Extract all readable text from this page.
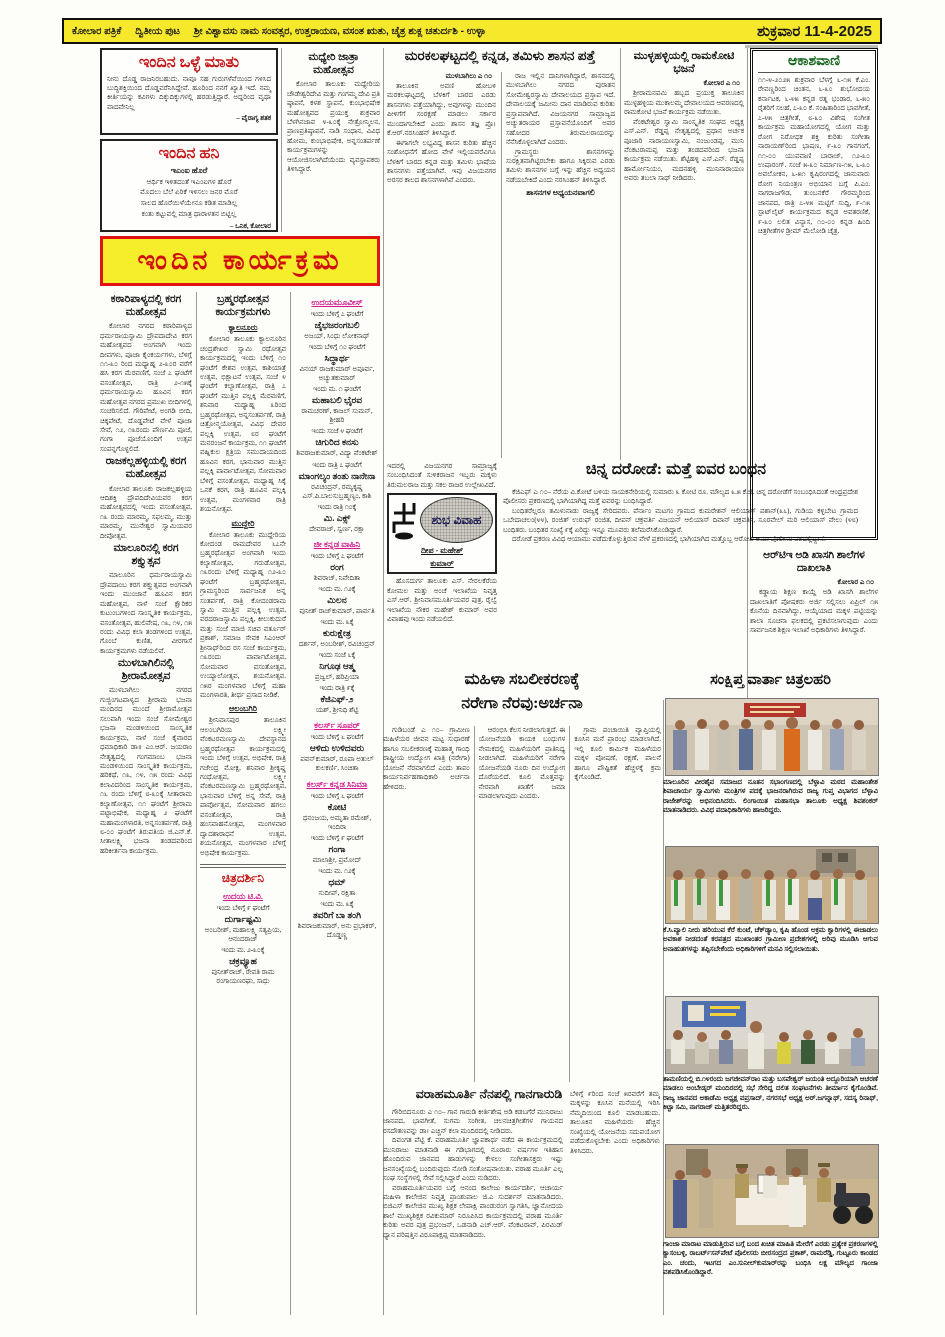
ಕೋಲಾರ ಪತ್ರಿಕೆ ದ್ವಿತೀಯ ಪುಟ ಶ್ರೀ ವಿಶ್ವಾವಸು ನಾಮ ಸಂವತ್ಸರ, ಉತ್ತರಾಯಣ, ವಸಂತ ಋತು, ಚೈತ್ರ ಶುಕ್ಲ ಚತುರ್ದಶಿ - ಉಳ್ಳಾ	ಶುಕ್ರವಾರ 11-4-2025
ಇಂದಿನ ಒಳ್ಳೆ ಮಾತು

ನೀನು ದೊಡ್ಡ ರಾಜನಿರಬಹುದು. ನಾವೂ ಸಹ ಗುರುಗಳೆವೆಯಿಂದ ಗಳಿಸಿದ ಬುದ್ಧಿಶಕ್ತಿಯಿಂದ ದೊಡ್ಡವರೆನಿಸಿದ್ದೇವೆ. ಹೂರಿಂದ ನನಗೆ ಖ್ಯಾತಿ ಇದೆ. ನಮ್ಮ ಕೀರ್ತಿಯನ್ನು ಕವಿಗಳು ದಿಕ್ಕುದಿಕ್ಕುಗಳಲ್ಲಿ ಹರಡುತ್ತಿದ್ದಾರೆ. ಅದ್ದರಿಂದ ವೃಥಾ ವಾದವೇನಿಲ್ಲ

– ವೈರಾಗ್ಯ ಶತಕ
ಇಂದಿನ ಹನಿ
ಇಎಂಐ ಹೊರೆ

ಆರ್ಥಿಕ ಇಳಿತದಂತೆ ಇಎಂಐಗಳ ಹೊರೆ

ಮೊದಲು ಬೆಲೆ ಏರಿಕೆ ಇಳಿಸಲು ಜನರ ಮೊರೆ

ಸಾಲದ ಹೊರೆಯಿಳೆಯೇನೂ ಕಡಿತ ಮಾಡಿಲ್ಲ

ಕಂತು ಕಟ್ಟುವಲ್ಲಿ ಮಾತ್ರ ಧಾರಾಳತನ ಬಿಟ್ಟಿಲ್ಲ

– ಒನಿಕ, ಕೋಲಾರ
ಮಧ್ಯೇರಿ ಜಾತ್ರಾ ಮಹೋತ್ಸವ

ಕೋಲಾರ ತಾಲೂಕು ಮಧ್ಯೇರಿಯ ಚೌಡೇಶ್ವರಿದೇವಿ ಮತ್ತು ಗಂಗಮ್ಮ ದೇವಿ ಪ್ರತಿ ಷ್ಠಾಪನೆ, ಕಳಶ ಸ್ಥಾಪನೆ, ಕುಂಭಾಭಿಷೇಕ ಮಹೋತ್ಸವದ ಪ್ರಯುಕ್ತ ಶುಕ್ರವಾರ ಬೆಳಗಿನಜಾವ ೪-೩೦ಕ್ಕೆ ನೇತ್ರೋನ್ಮಿಲನ, ಪ್ರಾಣಪ್ರತಿಷ್ಠಾಪನೆ, ನಾಡಿ ಸಂಧಾನ, ವಿವಿಧ ಹೋಮ, ಕುಂಭಾಭಿಷೇಕ, ಅನ್ನಸಂತರ್ಪಣೆ ಕಾರ್ಯಕ್ರಮಗಳನ್ನು ಆಯೋಜಿಸಲಾಗಿದೆಯೆಂದು ವ್ಯವಸ್ಥಾಪಕರು ತಿಳಿಸಿದ್ದಾರೆ.

ಇಂದಿನ ಕಾರ್ಯಕ್ರಮ
ಕಠಾರಿಪಾಳ್ಯದಲ್ಲಿ ಕರಗ ಮಹೋತ್ಸವ

ಕೋಲಾರ ನಗರದ ಕಠಾರಿಪಾಳ್ಯದ ಧರ್ಮರಾಯಸ್ವಾಮಿ ದ್ರೌಪದಾದೇವಿ ಕರಗ ಮಹೋತ್ಸವದ ಅಂಗವಾಗಿ ಇಂದು ದೀಪಗಳು, ಪೂಜಾ ಕೈಂಕರ್ಯಗಳು, ಬೆಳಿಗ್ಗೆ ೧೧-೩೦ ರಿಂದ ಮಧ್ಯಾಹ್ನ ೨-೩೦ರ ವರೆಗೆ ಹಸಿ ಕರಗ ಮೆರವಣಿಗೆ, ಸಂಜೆ ೭ ಘಂಟೆಗೆ ವಸಂತೋತ್ಸವ, ರಾತ್ರಿ ೨-೧೫ಕ್ಕೆ ಧರ್ಮರಾಯಸ್ವಾಮಿ ಹೂವಿನ ಕರಗ ಮಹೋತ್ಸವ ನಗರದ ಪ್ರಮುಖ ಬೀದಿಗಳಲ್ಲಿ ಸಂಚರಿಸಲಿದೆ. ಗೌರಿಪೇಟೆ, ಅಂಗಡಿ ಬೀದಿ, ಚಿಕ್ಕಪೇಟೆ, ದೊಡ್ಡಪೇಟೆ ವೇಳೆ ಪೂಜಾ ಸೇವೆ, ೧೨, ೧೩ರಂದು ಪೌರ್ಣಮಿ ಪೂಜೆ, ಗಂಗಾ ಪೂಜೆಯೊಂದಿಗೆ ಉತ್ಸವ ಸಂಪನ್ನಗೊಳ್ಳಲಿದೆ.

ರಾಜಕಲ್ಲಹಳ್ಳಿಯಲ್ಲಿ ಕರಗ ಮಹೋತ್ಸವ

ಕೋಲಾರ ತಾಲೂಕು ರಾಜಕಲ್ಲಹಳ್ಳಿಯ ಆದಿಶಕ್ತಿ ದ್ರೌಪದಿದೇವಿಯವರ ಕರಗ ಮಹೋತ್ಸವದಲ್ಲಿ ಇಂದು ವಸಂತೋತ್ಸವ, ೧೩ ರಂದು ಮಾರಮ್ಮ, ಸಫಲಮ್ಮ, ಮುತ್ತು ಮಾರಮ್ಮ, ಮುನೇಶ್ವರ ಸ್ವಾಮಿಯವರ ದೀಪೋತ್ಸವ.

ಮಾಲೂರಿನಲ್ಲಿ ಕರಗ ಶಕ್ತ್ಯುತ್ಸವ

ಮಾಲೂರಿನ ಧರ್ಮರಾಯಸ್ವಾಮಿ ದ್ರೌಪದಾಂಬ ಕರಗ ಶಕ್ತ್ಯುತ್ಸವದ ಅಂಗವಾಗಿ ಇಂದು ಮುಂಜಾನೆ ಹೂವಿನ ಕರಗ ಮಹೋತ್ಸವ, ನಾಳೆ ಸಂಜೆ ಕ್ಷೌರಿಕರ ಕುಟುಂಬಗಳಿಂದ ಸಾಂಸ್ಕೃತಿಕ ಕಾರ್ಯಕ್ರಮ, ವಸಂತೋತ್ಸವ, ಹುಲಿವೇಷ, ೧೩, ೧೪, ೧೫ ರಂದು ವಿವಿಧ ಕಲಾ ತಂಡಗಳಿಂದ ಉತ್ಸವ, ಗೊಂಬೆ ಕುಣಿತ, ವೀರಗಾಸೆ ಕಾರ್ಯಕ್ರಮಗಳು ನಡೆಯಲಿವೆ.

ಮುಳಬಾಗಿಲಿನಲ್ಲಿ ಶ್ರೀರಾಮೋತ್ಸವ

ಮುಳಬಾಗಿಲು ನಗರದ ಗುಜ್ಜಿಂಗಟಪಾಳ್ಯದ ಶ್ರೀರಾಮ ಭಜನಾ ಮಂದಿರದ ಮುಂದೆ ಶ್ರೀರಾಮೋತ್ಸವ ಸಲುವಾಗಿ ಇಂದು ಸಂಜೆ ಸೋಮೇಶ್ವರ ಭಜನಾ ಮಂಡಳಿಯಿಂದ ಸಾಂಸ್ಕೃತಿಕ ಕಾರ್ಯಕ್ರಮ, ನಾಳೆ ಸಂಜೆ ಕೈವಾರದ ಧಮಾಧಿಕಾರಿ ಡಾ॥ ಎಂ.ಆರ್. ಜಯರಾಂ ನೇತೃತ್ವದಲ್ಲಿ ಗಂಗಮಾಂಬ ಭಜನಾ ಮಂಡಳಿಯಿಂದ ಸಾಂಸ್ಕೃತಿಕ ಕಾರ್ಯಕ್ರಮ, ಹರಿಕಥೆ, ೧೩, ೧೪, ೧೫ ರಂದು ವಿವಿಧ ಕಲಾವಿದರಿಂದ ಸಾಂಸ್ಕೃತಿಕ ಕಾರ್ಯಕ್ರಮ, ೧೬ ರಂದು ಬೆಳಿಗ್ಗೆ ೮-೩೦ಕ್ಕೆ ಸೀತಾರಾಮ ಕಲ್ಯಾಣೋತ್ಸವ, ೧೧ ಘಂಟೆಗೆ ಶ್ರೀರಾಮ ಪಟ್ಟಾಭಿಷೇಕ, ಮಧ್ಯಾಹ್ನ ೨ ಘಂಟೆಗೆ ಮಹಾಮಂಗಳಾರತಿ, ಅನ್ನಸಂತರ್ಪಣೆ, ರಾತ್ರಿ ೮-೦೦ ಘಂಟೆಗೆ ತಿರುಪತಿಯ ಜಿ.ಎನ್.ಕೆ. ಸೀತಾಲಕ್ಷ್ಮಿ ಭಜನಾ ತಂಡದವರಿಂದ ಹರಿಕೀರ್ತನಾ ಕಾರ್ಯಕ್ರಮ.

ಬ್ರಹ್ಮರಥೋತ್ಸವ ಕಾರ್ಯಕ್ರಮಗಳು
ಕ್ಯಾಲನೂರು

ಕೋಲಾರ ತಾಲೂಕು ಕ್ಯಾಲನೂರಿನ ಚಂದ್ರಶೇಖರ ಸ್ವಾಮಿ ರಥೋತ್ಸವ ಕಾರ್ಯಕ್ರಮದಲ್ಲಿ ಇಂದು ಬೆಳಿಗ್ಗೆ ೧೦ ಘಂಟೆಗೆ ಕೇಶವ ಉತ್ಸವ, ಕಾಶಿಯಾತ್ರೆ ಉತ್ಸವ, ಭಿಕ್ಷಾಟನೆ ಉತ್ಸವ, ಸಂಜೆ ೪ ಘಂಟೆಗೆ ಕಲ್ಯಾಣೋತ್ಸವ, ರಾತ್ರಿ ೭ ಘಂಟೆಗೆ ಮುತ್ತಿನ ಪಲ್ಲಕ್ಕಿ ಮೆರವಣಿಗೆ, ಶನಿವಾರ ಮಧ್ಯಾಹ್ನ ೩ರಿಂದ ಬ್ರಹ್ಮರಥೋತ್ಸವ, ಅನ್ನಸಂತರ್ಪಣೆ, ರಾತ್ರಿ ಚಿತ್ರೋನ್ಮಯೋತ್ಸವ, ವಿವಿಧ ದೇವರ ಪಲ್ಲಕ್ಕಿ ಉತ್ಸವ, ೮ರ ಘಂಟೆಗೆ ಮನರಂಜನೆ ಕಾರ್ಯಕ್ರಮ, ೧೧ ಘಂಟೆಗೆ ವಹ್ನಿಕುಲ ಕ್ಷತ್ರಿಯ ಸಮುದಾಯದಿಂದ ಹೂವಿನ ಕರಗ, ಭಾನುವಾರ ಮುತ್ತಿನ ಪಲ್ಲಕ್ಕಿ ಪಾರ್ವಾಟೋತ್ಸವ, ಸೋಮವಾರ ಬೆಳಿಗ್ಗೆ ವಸಂತೋತ್ಸವ, ಮಧ್ಯಾಹ್ನ ಸಿಕ್ಕೆ ಒನಕೆ ಕರಗ, ರಾತ್ರಿ ಹೂವಿನ ಪಲ್ಲಕ್ಕಿ ಉತ್ಸವ, ಮಂಗಳವಾರ ರಾತ್ರಿ ಶಯನೋತ್ಸವ.

ಮುದ್ದೇರಿ

ಕೋಲಾರ ತಾಲೂಕು ಮುದ್ದೇರಿಯ ಕೋದಂಡ ರಾಮದೇವರ ೬೭ನೇ ಬ್ರಹ್ಮರಥೋತ್ಸವ ಅಂಗವಾಗಿ ಇಂದು ಕಲ್ಯಾಣೋತ್ಸವ, ಗರುಡೋತ್ಸವ, ೧೩ರಂದು ಬೆಳಿಗ್ಗೆ ಮಧ್ಯಾಹ್ನ ೧೨-೩೦ ಘಂಟೆಗೆ ಬ್ರಹ್ಮರಥೋತ್ಸವ, ಗ್ರಾಮಸ್ಥರಿಂದ ಸಾರ್ವಜನಿಕ ಅನ್ನ ಸಂತರ್ಪಣೆ, ರಾತ್ರಿ ಕೋದಂಡರಾಮ ಸ್ವಾಮಿ ಮುತ್ತಿನ ಪಲ್ಲಕ್ಕಿ ಉತ್ಸವ, ವರದರಾಜಸ್ವಾಮಿ ಪಲ್ಲಕ್ಕಿ, ಕೀಲುಕುದುರೆ ಮತ್ತು ಸಂಜೆ ಮಾಜಿ ಸಚಿವ ವರ್ತೂರ್ ಪ್ರಕಾಶ್, ಸಮಾಜ ಸೇವಕ ಸಿಎಂಆರ್ ಶ್ರೀನಾಥ್‌ರಿಂದ ರಸ ಸಂಜೆ ಕಾರ್ಯಕ್ರಮ, ೧೩ರಂದು ಪಾರ್ವಾಟೋತ್ಸವ, ಸೋಮವಾರ ವಸಂತೋತ್ಸವ, ಉಯ್ಯಾಲೋತ್ಸವ, ಶಯನೋತ್ಸವ. ೧೫ರ ಮಂಗಳವಾರ ಬೆಳಿಗ್ಗೆ ಮಹಾ ಮಂಗಳಾರತಿ, ತೀರ್ಥ ಪ್ರಸಾದ ನೀಡಿಕೆ.

ಆಲಂಬಗಿರಿ

ಶ್ರೀನಿವಾಸಪುರ ತಾಲೂಕಿನ ಆಲಂಬಗಿರಿಯ ಲಕ್ಷ್ಮೀ ವೆಂಕಟರಮಣಸ್ವಾಮಿ ದೇವಸ್ಥಾನದ ಬ್ರಹ್ಮರಥೋತ್ಸವ ಕಾರ್ಯಕ್ರಮದಲ್ಲಿ ಇಂದು ಬೆಳಿಗ್ಗೆ ಉತ್ಸವ, ಅಭಿಷೇಕ, ರಾತ್ರಿ ಗಜೇಂದ್ರ ಮೋಕ್ಷ, ಶನಿವಾರ ಶ್ರೀಕೃಷ್ಣ ಗಂಧೋತ್ಸವ, ಲಕ್ಷ್ಮೀ ವೆಂಕಟರಮಣಸ್ವಾಮಿ ಬ್ರಹ್ಮರಥೋತ್ಸವ, ಭಾನುವಾರ ಬೆಳಿಗ್ಗೆ ಅನ್ನ ಸೇವೆ, ರಾತ್ರಿ ಪಾರ್ವೋತ್ಸವ, ಸೋಮವಾರ ಹಗಲು ವಸಂತೋತ್ಸವ, ರಾತ್ರಿ ಹಂಸವಾಹನೋತ್ಸವ, ಮಂಗಳವಾರ ದ್ವಾದಶಾರಾಧನೆ ಉತ್ಸವ, ಶಯನೋತ್ಸವ, ಮಂಗಳವಾರ ಬೆಳಿಗ್ಗೆ ಅಭಿಷೇಕ ಕಾರ್ಯಕ್ರಮ.

ಚಿತ್ರದರ್ಶಿನಿ
ಉದಯ ಟಿ.ವಿ.

ಇಂದು ಬೆಳಿಗ್ಗೆ ೯ ಘಂಟೆಗೆ

ದುರ್ಗಾಷ್ಟಮಿ

ಅಂಬರೀಶ್, ಮಹಾಲಕ್ಷ್ಮಿ ಸತ್ಯಪ್ರಿಯ, ಆನಂದರಾಜ್

ಇಂದು ಮ. ೨-೩೦ಕ್ಕೆ

ಚಕ್ರವ್ಯೂಹ

ಪುನೀತ್‌ರಾಜ್, ರೇವತಿ ರಾಮ ರಂಗಾಯಣರಘು, ಸಾಧು

ಉದಯಮೂವೀಸ್

ಇಂದು ಬೆಳಿಗ್ಗೆ ೭ ಘಂಟೆಗೆ

ಜೈಭಜರಂಗಬಲಿ

ಅಜಯ್, ಸಿಂಧು ಲೋಕನಾಥ್

ಇಂದು ಬೆಳಿಗ್ಗೆ ೧೦ ಘಂಟೆಗೆ

ಸಿದ್ಧಾರ್ಥ

ವಿನಯ್ ರಾಜಕುಮಾರ್ ಅಪೂರ್ವ, ಅಚ್ಯುತಕುಮಾರ್

ಇಂದು ಮ. ೧ ಘಂಟೆಗೆ

ಮಹಾಬಲಿ ಭೈರವ

ರಾಮಚರಣ್, ಕಾಜಲ್ ಸುಮನ್, ಶ್ರೀಹರಿ

ಇಂದು ಸಂಜೆ ೪ ಘಂಟೆಗೆ

ಚಿಗುರಿದ ಕನಸು

ಶಿವರಾಜಕುಮಾರ್, ವಿದ್ಯಾ ವೆಂಕಟೇಶ್

ಇಂದು ರಾತ್ರಿ ೭ ಘಂಟೆಗೆ

ಮಾಂಗಲ್ಯಂ ತಂತು ನಾನೇನಾ

ರವಿಚಂದ್ರನ್, ರಮ್ಯಕೃಷ್ಣ ಎಸ್.ಪಿ.ಬಾಲಸುಬ್ರಹ್ಮಣ್ಯಂ, ಕಾಶಿ

ಇಂದು ರಾತ್ರಿ ೧೦ಕ್ಕೆ

ಮಿ. ಎಕ್ಸ್

ದೇವರಾಜ್, ಸ್ವರ್ಣ, ರಕ್ಷಾ

ಜೀ ಕನ್ನಡ ವಾಹಿನಿ

ಇಂದು ಬೆಳಿಗ್ಗೆ ೭ ಘಂಟೆಗೆ

ರಂಗ

ಶಿವರಾಜ್, ನಿವೇದಿತಾ

ಇಂದು ಮ. ೧೨ಕ್ಕೆ

ಮಿಲನ

ಪುನೀತ್ ರಾಜ್‌ಕುಮಾರ್, ಪಾರ್ವತಿ

ಇಂದು ಮ. ೩ಕ್ಕೆ

ಕುರುಕ್ಷೇತ್ರ

ದರ್ಶನ್, ಅಂಬರೀಶ್, ರವಿಚಂದ್ರನ್

ಇಂದು ಸಂಜೆ ೬ಕ್ಕೆ

ನಿಗೂಢ ಆತ್ಮ

ಪ್ರಜ್ವಲ್, ಹರಿಪ್ರಿಯಾ

ಇಂದು ರಾತ್ರಿ ೯ಕ್ಕೆ

ಕೆಜಿಎಫ್-೨

ಯಶ್, ಶ್ರೀನಿಧಿ ಶೆಟ್ಟಿ

ಕಲರ್ಸ್ ಸೂಪರ್

ಇಂದು ಬೆಳಿಗ್ಗೆ ೬ ಘಂಟೆಗೆ

ಆಳಿದು ಉಳಿದವರು

ಪವನ್‌ಕುಮಾರ್, ರೂಪಾ ಅತುಲ್ ಕುಲಕರ್ಣಿ, ಸಿಂಚಿತಾ

ಕಲರ್ಸ್ ಕನ್ನಡ ಸಿನಿಮಾ

ಇಂದು ಬೆಳಿಗ್ಗೆ ೬ ಘಂಟೆಗೆ

ಕೋಟಿ

ಧನಂಜಯ, ಅಮೃತಾ ರಮೇಶ್, ಇಂದಿರಾ

ಇಂದು ಬೆಳಿಗ್ಗೆ ೯ ಘಂಟೆಗೆ

ಗಂಗಾ

ಮಾಲಾಶ್ರೀ, ಪ್ರಮೋದ್

ಇಂದು ಮ. ೧೨ಕ್ಕೆ

ಧಮ್

ಸುದೀಪ್, ರಕ್ಷಿತಾ

ಇಂದು ಮ. ೩ಕ್ಕೆ

ತವರಿಗೆ ಬಾ ತಂಗಿ

ಶಿವರಾಜಕುಮಾರ್, ಅನು ಪ್ರಭಾಕರ್, ದೊಡ್ಡಣ್ಣ

ಮರಕಲಘಟ್ಟದಲ್ಲಿ ಕನ್ನಡ, ತಮಿಳು ಶಾಸನ ಪತ್ತೆ
ಮುಳಬಾಗಿಲು ಎ ೧೦

ತಾಲೂಕಿನ ಅವಣಿ ಹೋಬಳಿ ಮರಕಲಘಟ್ಟದಲ್ಲಿ ಬೆಳಕಿಗೆ ಬಾರದ ಎರಡು ಶಾಸನಗಳು ಪತ್ತೆಯಾಗಿದ್ದು, ಅವುಗಳನ್ನು ಮುಂದಿನ ಪೀಳಿಗೆಗೆ ಸಂರಕ್ಷಣೆ ಮಾಡಲು ಸರ್ಕಾರ ಮುಂದಾಗಬೇಕಿದೆ ಎಂದು ಶಾಸನ ತಜ್ಞ ಪ್ರೊ। ಕೆ.ಆರ್.ನರಸಿಂಹನ್ ತಿಳಿಸಿದ್ದಾರೆ.

ಈಗಾಗಲೇ ಲಭ್ಯವಿದ್ದ ಶಾಸನ ಕುರಿತು ಹೆಚ್ಚಿನ ಸಂಶೋಧನೆಗೆ ಹೋದ ವೇಳೆ ಇಲ್ಲಿಯವರೆವಿಗೂ ಬೆಳಕಿಗೆ ಬಾರದ ಕನ್ನಡ ಮತ್ತು ತಮಿಳು ಭಾಷೆಯ ಶಾಸನಗಳು ಪತ್ತೆಯಾಗಿವೆ. ಇವು ವಿಜಯನಗರ ಅರಸರ ಕಾಲದ ಶಾಸನಗಳಾಗಿವೆ ಎಂದರು.

ರಾಜ ಇಲ್ಲಿನ ದಾನಿಗಳಾಗಿದ್ದಾರೆ, ಶಾಸನದಲ್ಲಿ ಮುಳಬಾಗಿಲು ನಗರದ ಪುರಾತನ ಸೋಮೇಶ್ವರಸ್ವಾಮಿ ದೇವಾಲಯದ ಪ್ರಸ್ತಾಪ ಇದೆ. ದೇವಾಲಯಕ್ಕೆ ಜಮೀನು ದಾನ ಮಾಡಿರುವ ಕುರಿತು ಪ್ರಸ್ತಾಪವಾಗಿದೆ. ವಿಜಯನಗರ ಸಾಮ್ರಾಜ್ಯದ ಅಚ್ಯುತರಾಯರ ಪ್ರಸ್ತಾವನೆಯೊಂದಿಗೆ ಅವರ ಸಹೋದರ ತಿರುಮಲರಾಯರನ್ನು ನೆನೆಸಿಕೊಳ್ಳಲಾಗಿದೆ ಎಂದರು.

ಗ್ರಾಮಸ್ಥರು ಶಾಸನಗಳನ್ನು ಸುರಕ್ಷಿತವಾಗಿಟ್ಟಿರಬೇಕು ಹಾಗೂ ಸಿಕ್ಕಿರುವ ಎರಡು ತಮಿಳು ಶಾಸನಗಳ ಬಗ್ಗೆ ಇನ್ನು ಹೆಚ್ಚಿನ ಅಧ್ಯಯನ ನಡೆಯಬೇಕಿದೆ ಎಂದು ನರಸಿಂಹನ್ ತಿಳಿಸಿದ್ದಾರೆ.

ಶಾಸನಗಳ ಅಧ್ಯಯನವಾಗಲಿ
ಮುಳ್ಳಹಳ್ಳಿಯಲ್ಲಿ ರಾಮಕೋಟಿ ಭಜನೆ
ಕೋಲಾರ ಎ ೧೦

ಶ್ರೀರಾಮನವಮಿ ಹಬ್ಬದ ಪ್ರಯುಕ್ತ ತಾಲೂಕಿನ ಮುಳ್ಳಹಳ್ಳಿಯ ಮುಕಾಲಮ್ಮ ದೇವಾಲಯದ ಆವರಣದಲ್ಲಿ ರಾಮಕೋಟಿ ಭಜನೆ ಕಾರ್ಯಕ್ರಮ ನಡೆಯಿತು.

ವೆಂಕಟೇಶ್ವರ ಸ್ವಾಮಿ ಸಾಂಸ್ಕೃತಿಕ ಸಂಘದ ಅಧ್ಯಕ್ಷ ಎಸ್.ಎನ್. ರೆಡ್ಡಪ್ಪ ನೇತೃತ್ವದಲ್ಲಿ ಪ್ರಧಾನ ಅರ್ಚಕ ಪೂಜಾರಿ ನಾರಾಯಣಸ್ವಾಮಿ, ನಂಜುಂಡಪ್ಪ, ಮುನಿ ವೆಂಕಟರಾಮಪ್ಪ ಮತ್ತು ತಂಡದವರಿಂದ ಭಜನಾ ಕಾರ್ಯಕ್ರಮ ನಡೆಯಿತು. ಶೆಟ್ಟಿಹಳ್ಳಿ ಎಸ್.ಎನ್. ರೆಡ್ಡಪ್ಪ ಹಾರ್ಮೋನಿಯಂ, ಮದನಹಳ್ಳಿ ಮುನಿನಾರಾಯಣ ಅವರು ತಬಲಾ ಸಾಥ್ ನೀಡಿದರು.

ಆಕಾಶವಾಣಿ

೧೧-೪-೨೦೨೫ ಶುಕ್ರವಾರ ಬೆಳಗ್ಗೆ ೬-೧೫ ಕೆ.ಎಂ. ರೇವಣ್ಣರಿಂದ ಚಿಂತನ, ೬-೩೦ ಶುಭೋದಯ ಕರ್ನಾಟಕ, ೬-೪೫ ಕನ್ನಡ ರತ್ನ ಭಂಡಾರ, ೬-೫೦ ರೈತರಿಗೆ ಸಲಹೆ, ೭-೩೦ ಕೆ. ಸಂಹಿತಾರಿಂದ ಭಾವಗೀತೆ, ೭-೪೫ ಚಿತ್ರಗೀತೆ, ೮-೩೦ ವಿಶೇಷ ಸಂಗೀತ ಕಾರ್ಯಕ್ರಮ ಮಹಾಯೋಗದಲ್ಲಿ ಯೋಗ ಮತ್ತು ರೋಗ ನಿರೋಧಕ ಶಕ್ತಿ ಕುರಿತು ಸಂಗೀತಾ ನಾರಾಯಣ್‌ರಿಂದ ಭಾಷಣ, ೯-೩೦ ಗಾನಗಂಗೆ, ೧೧-೦೦ ಯುವವಾಣಿ ಬಾರಾಜ್, ೧೨-೩೦ ಉಷಾರಂಗ್. ಸಂಜೆ ೫-೩೦ ನಿರ್ಮಾಣ-೧೫, ೬-೩೦ ಅವಲೋಕನ, ೬-೫೧ ಕೃಷಿರಂಗದಲ್ಲಿ ಜಾನುವಾರು ರೋಗ ನಿಯಂತ್ರಣ ಅಭಿಯಾನ ಬಗ್ಗೆ ಪಿ.ಎಂ. ನಾಗರಾಜಗೌಡ, ತುಂಬನಕೆರೆ ಗೌರಮ್ಮರಿಂದ ಜಾನಪದ, ರಾತ್ರಿ ೭-೪೫ ಮಟ್ಟಿಗೆ ಸುದ್ದಿ, ೯-೧೫ ಸ್ಪಾಟ್‌ಲೈಟ್ ಕಾರ್ಯಕ್ರಮದ ಕನ್ನಡ ಅವತರಣಿಕೆ, ೯-೩೦ ಲಲಿತ ವಿನ್ಯಾಸ, ೧೦-೦೦ ಕನ್ನಡ ಹಿಂದಿ ಚಿತ್ರಗೀತೆಗಳ ಡ್ರೀಮ್ ಮೆಲೋಡಿ ಚೈತ್ರ.

ಆರ್‌ಟಿಇ ಅಡಿ ಖಾಸಗಿ ಶಾಲೆಗಳ ದಾಖಲಾತಿ
ಕೋಲಾರ ಎ ೧೦

ಕಡ್ಡಾಯ ಶಿಕ್ಷಣ ಕಾಯ್ದೆ ಅಡಿ ಖಾಸಗಿ ಶಾಲೆಗಳ ದಾಖಲಾತಿಗೆ ಪೋಷಕರು ಅರ್ಜಿ ಸಲ್ಲಿಸಲು ಏಪ್ರಿಲ್ ೧೫ ಕೊನೆಯ ದಿನವಾಗಿದ್ದು, ಆಯ್ಕೆಯಾದ ಮಕ್ಕಳ ಪಟ್ಟಿಯನ್ನು ಶಾಲಾ ಸೂಚನಾ ಫಲಕದಲ್ಲಿ ಪ್ರಕಟಿಸಲಾಗುವುದು ಎಂದು ಸಾರ್ವಜನಿಕ ಶಿಕ್ಷಣ ಇಲಾಖೆ ಅಧಿಕಾರಿಗಳು ತಿಳಿಸಿದ್ದಾರೆ.

ಇದರಲ್ಲಿ ವಿಜಯನಗರ ಸಾಮ್ರಾಜ್ಯಕ್ಕೆ ಸಂಬಂಧಿಸಿದಂತೆ ಸುಳಿಕರಾಜನ ಇಬ್ಬರು ಮಕ್ಕಳು ತಿರುಮಲರಾಜ ಮತ್ತು ಸಕಲ ರಾಜರ ಉಲ್ಲೇಖವಿದೆ.

ಶುಭ ವಿವಾಹ
ದೀಪ - ಮಹೇಶ್
ಕುಮಾರ್

ಹೊಸದುರ್ಗ ತಾಲೂಕು ಎಸ್. ನೇರಲಕೆರೆಯ ಕೋಮಲ ಮತ್ತು ಅಂಚೆ ಇಲಾಖೆಯ ನಿವೃತ್ತ ಎಸ್.ಆರ್. ಶ್ರೀನಿವಾಸಮೂರ್ತಿಯವರ ಪುತ್ರ, ರೈಲ್ವೆ ಇಲಾಖೆಯ ನೌಕರ ಮಹೇಶ್ ಕುಮಾರ್ ಅವರ ವಿವಾಹವು ಇಂದು ನಡೆಯಲಿದೆ.

ಚಿನ್ನ ದರೋಡೆ: ಮತ್ತೆ ಐವರ ಬಂಧನ

ಕೆಜಿಎಫ್ ಎ ೧೦– ನೆರೆಯ ವಿ.ಕೋಟೆ ಬಳಿಯ ಸಾಯಕನೇರಿಯಲ್ಲಿ ಸುಮಾರು ೩ ಕೋಟಿ ರೂ. ಮೌಲ್ಯದ ೩.೫ ಕೆ.ಜಿ. ಚಿನ್ನ ದರೋಡೆಗೆ ಸಂಬಂಧಿಸಿದಂತೆ ಆಂಧ್ರಪ್ರದೇಶ ಪೊಲೀಸರು ಪ್ರಕರಣದಲ್ಲಿ ಭಾಗಿಯಾಗಿದ್ದ ಮತ್ತೆ ಐವರನ್ನು ಬಂಧಿಸಿದ್ದಾರೆ.

ಬಂಧಿತರೆಲ್ಲರೂ ತಮಿಳುನಾಡು ರಾಜ್ಯಕ್ಕೆ ಸೇರಿದವರು. ಪೆರ್ನಾಂ ಮಟಗಂ ಗ್ರಾಮದ ಕುಮರೇಶನ್ ಆಲಿಯಾಸ್ ಪಶಾನ್(೩೬), ಗುಡಿಯ ಕಳ್ಳಿಬೇಟ ಗ್ರಾಮದ ಒಬೇದಾಚಲಂ(೪೪), ರಂಜಿತ್ ಉರುಫ್ ರಂಜಿತ, ದೀಪನ್ ಚಕ್ರವರ್ತಿ ವಿಜಯನ್ ಆಲಿಯಾಸ್ ದಿವಾನ್ ಚಕ್ರವರ್ತಿ, ಸೂರವೇಲ್ ಮರಿ ಆಲಿಯಾಸ್ ವೇಲು (೪೮) ಬಂಧಿತರು. ಬಂಧಿತರ ಸಂಖ್ಯೆ ೯ಕ್ಕೆ ಏರಿದ್ದು ಇನ್ನೂ ಮೂವರು ತಲೆಮರೆಸಿಕೊಂಡಿದ್ದಾರೆ.

ದರೋಡೆ ಪ್ರಕರಣ ವಿವಿಧ ಆಯಾಮು ಪಡೆದುಕೊಳ್ಳುತ್ತಿರುವ ವೇಳೆ ಪ್ರಕರಣದಲ್ಲಿ ಭಾಗಿಯಾಗಿದ ಮತ್ತೊಬ್ಬ ಆರೋಪಿ ಅಮು ಪೊಲೀಸರ ವಶದಲ್ಲಿದ್ದಾನೆ.

ಮಹಿಳಾ ಸಬಲೀಕರಣಕ್ಕೆ
ನರೇಗಾ ನೆರವು:ಅರ್ಚನಾ

ಗುಡಿಬಂಡೆ ಎ ೧೦– ಗ್ರಾಮೀಣ ಮಹಿಳೆಯರ ಜೀವನ ಮಟ್ಟ ಸುಧಾರಣೆ ಹಾಗೂ ಸಬಲೀಕರಣಕ್ಕೆ ಮಹಾತ್ಮ ಗಾಂಧಿ ರಾಷ್ಟ್ರೀಯ ಉದ್ಯೋಗ ಖಾತ್ರಿ (ನರೇಗಾ) ಯೋಜನೆ ನೆರವಾಗಲಿದೆ ಎಂದು ತಾಪಂ ಕಾರ್ಯನಿರ್ವಹಣಾಧಿಕಾರಿ ಅರ್ಚನಾ ಹೇಳಿದರು.

ಆರಂಭಿಸಿ ಕೆಲಸ ನೀಡಲಾಗುತ್ತದೆ. ಈ ಯೋಜನೆಯಡಿ ಕಾಯಕ ಬಂಧುಗಳ ನೇಮಕದಲ್ಲಿ ಮಹಿಳೆಯರಿಗೆ ಪ್ರಾತಿನಿಧ್ಯ ನೀಡಲಾಗಿದೆ. ಮಹಿಳೆಯರಿಗೆ ನರೇಗಾ ಯೋಜನೆಯಡಿ ನೂರು ದಿನ ಉದ್ಯೋಗ ದೊರೆಯಲಿದೆ. ಕೂಲಿ ಮೊತ್ತವನ್ನು ನೇರವಾಗಿ ಖಾತೆಗೆ ಜಮಾ ಮಾಡಲಾಗುವುದು ಎಂದರು.

ಗ್ರಾಮ ಪಂಚಾಯಿತಿ ವ್ಯಾಪ್ತಿಯಲ್ಲಿ ಕೂಸಿನ ಮನೆ ಪ್ರಾರಂಭ ಮಾಡಲಾಗಿದೆ. ಇಲ್ಲಿ ಕೂಲಿ ಕಾರ್ಮಿಕ ಮಹಿಳೆಯರ ಮಕ್ಕಳ ಪೋಷಣೆ, ರಕ್ಷಣೆ, ಪಾಲನೆ ಹಾಗೂ ಪೌಷ್ಟಿಕತೆ ಹೆಚ್ಚಳಕ್ಕೆ ಕ್ರಮ ಕೈಗೊಂಡಿದೆ.

ವರಾಹಮೂರ್ತಿ ನೆನಪಲ್ಲಿ ಗಾನಗಾರುಡಿ

ಗೌರಿಬಿದನೂರು ಎ ೧೦– ಗಾನ ಗಾರುಡಿ ಕೀರ್ತಿಶೇಷ ಅಡಿ ಕಡಬಗೆರೆ ಮುನಿರಾಜು ಜಾನಪದ, ಭಾವಗೀತೆ, ಸುಗಮ ಸಂಗೀತ, ಚಲನಚಿತ್ರಗೀತೆಗಳ ಗಾಯನದ ರಸದೌತಣವನ್ನು ಡಾ। ಎಚ್ಚಿನ್ ಕಲಾ ಮಂದಿರದಲ್ಲಿ ನೀಡಿದರು.

ದಿವಂಗತ ಪೆಟ್ಟಿ ಕೆ. ವರಾಹಮೂರ್ತಿ ಜ್ಞಾಪಕಾರ್ಥ ನಡೆದ ಈ ಕಾರ್ಯಕ್ರಮದಲ್ಲಿ ಮುನಿರಾಜು ಮಾತನಾಡಿ ಈ ಗಡಿಭಾಗದಲ್ಲಿ ನೂರಾರು ವರ್ಷಗಳ ಇತಿಹಾಸ ಹೊಂದಿರುವ ಜಾನಪದ ಹಾಡುಗಳನ್ನು ಕೇಳಲು ಸಂಗೀತಾಸಕ್ತರು ಇಷ್ಟು ಜನಸಂಖ್ಯೆಯಲ್ಲಿ ಬಂದಿರುವುದು ನೋಡಿ ಸಂತೋಷವಾಯಿತು. ವರಾಹ ಮೂರ್ತಿ ಎಲ್ಲ ಸಂಘ ಸಂಸ್ಥೆಗಳಲ್ಲಿ ಸೇವೆ ಸಲ್ಲಿಸಿದ್ದಾರೆ ಎಂದು ನುಡಿದರು.

ವರಾಹಮೂರ್ತಿಯವರ ಬಗ್ಗೆ ಆನಂದ ಕಾಲೇಜು ಕಾರ್ಯದರ್ಶಿ, ಆಚಾರ್ಯ ಮಹಿಳಾ ಕಾಲೇಜಿನ ನಿವೃತ್ತ ಪ್ರಾಂಶುಪಾಲ ಜಿ.ಎ ಸುದರ್ಶನ್ ಮಾತನಾಡಿದರು. ಬಿಜಿಎಸ್ ಕಾಲೇಜಿನ ಮುಖ್ಯ ಶಿಕ್ಷಕ ಲೇಪಾಕ್ಷಿ ಪಾಂಡುರಂಗ ಸ್ವಾಗತಿಸಿ, ಜ್ಞಾನೋದಯ ಶಾಲೆ ಮುಖ್ಯಶಿಕ್ಷಕ ರವಿಕುಮಾರ್ ನಿರೂಪಿಸಿದ ಕಾರ್ಯಕ್ರಮದಲ್ಲಿ ವರಾಹ ಮೂರ್ತಿ ಕುರಿತು ಅವರ ಪುತ್ರ ಪ್ರಭಂಜನ್, ಒಡನಾಡಿ ಎಚ್.ಆರ್. ವೆಂಕಟರಾವ್, ಪಿರಮಿಡ್ ಧ್ಯಾನ ಪರಿಷತ್ತಿನ ವಿರೂಪಾಕ್ಷಪ್ಪ ಮಾತನಾಡಿದರು.

ಬೆಳಿಗ್ಗೆ ೯ರಿಂದ ಸಂಜೆ ೫ರವರೆಗೆ ತಮ್ಮ ಮಕ್ಕಳನ್ನು ಕೂಸಿನ ಮನೆಯಲ್ಲಿ ಇರಿಸಿ ನೆಮ್ಮದಿಯಿಂದ ಕೂಲಿ ಮಾಡಬಹುದು. ತಾಲೂಕಿನ ಮಹಿಳೆಯರು ಹೆಚ್ಚಿನ ಸಂಖ್ಯೆಯಲ್ಲಿ ಯೋಜನೆಯ ಸದುಪಯೋಗ ಪಡೆದುಕೊಳ್ಳಬೇಕು ಎಂದು ಅಧಿಕಾರಿಗಳು ತಿಳಿಸಿದರು.

ಸಂಕ್ಷಿಪ್ತ ವಾರ್ತಾ ಚಿತ್ರಲಹರಿ

ಮಾಲೂರಿನ ವೀರಶೈವ ಸಮಾಜದ ನೂತನ ಸಭಾಂಗಣದಲ್ಲಿ ಬೆಳ್ಳಾವಿ ಮಠದ ಮಹಾಂತೇಶ ಶಿವಾಚಾರ್ಯ ಸ್ವಾಮಿಗಳು ಮಂತ್ರಿಗಳ ಪದಕ್ಕೆ ಭಾಜನರಾಗಿರುವ ರಾಜ್ಯ ಗುಪ್ತ ವಿಭಾಗದ ಬೆಳ್ಳಾವಿ ರಾಜೇಶ್‌ರನ್ನು ಅಭಿನಂದಿಸಿದರು. ಲಿಂಗಾಯಿತ ಮಹಾಸಭಾ ತಾಲೂಕು ಅಧ್ಯಕ್ಷ ಶಿವಶಂಕರ್ ಮಾತನಾಡಿದರು. ವಿವಿಧ ಪದಾಧಿಕಾರಿಗಳು ಹಾಜರಿದ್ದರು.

ಕೆ.ಸಿ.ವ್ಯಾಲಿ ನೀರು ಹರಿಯುವ ಕೆರೆ ಕುಂಟೆ, ಚೆಕ್‌ಡ್ಯಾಂ, ಕೃಷಿ ಹೊಂಡ ಅಕ್ರಮ ಕ್ವಾರಿಗಳಲ್ಲಿ ಈಜಾಡಲು ಅವಕಾಶ ನೀಡದಂತೆ ಕರಪತ್ರದ ಮುಖಾಂತರ ಗ್ರಾಮೀಣ ಪ್ರದೇಶಗಳಲ್ಲಿ ಅರಿವು ಮೂಡಿಸಿ ಆಗುವ ಅನಾಹುತಗಳನ್ನು ತಪ್ಪಿಸಬೇಕೆಂದು ಅಧಿಕಾರಿಗಳಿಗೆ ಮನವಿ ಸಲ್ಲಿಸಲಾಯಿತು.

ತಾಮಣಿಯಲ್ಲಿ ಬಿ.೧೪ರಂದು ಜಗಜೀವನ್‌ರಾಂ ಮತ್ತು ಬಸವೇಶ್ವರ್ ಜಯಂತಿ ಅದ್ದೂರಿಯಾಗಿ ಆಚರಣೆ ಮಾಡಲು ಅಂಬೇಡ್ಕರ್ ಮಂದಿರದಲ್ಲಿ ಸಭೆ ಸೇರಿದ್ದ ದಲಿತ ಸಂಘಟನೆಗಳು ತೀರ್ಮಾನ ಕೈಗೊಂಡಿವೆ. ರಾಜ್ಯ ಜಾನಪದ ಅಕಾಡೆಮಿ ಅಧ್ಯಕ್ಷ ವಪ್ರಸಾದ್, ನಗರಸಭೆ ಅಧ್ಯಕ್ಷ ಅರ್.ಜಗನ್ನಾಥ್, ಸದಸ್ಯ ರಿನಾಥ್, ಕಿಟ್ಟಾ ಸಮಿ, ನಾಗರಾಜ್ ಮತ್ತಿತರರಿದ್ದರು.

ಗಾಂಜಾ ಮಾರಾಟ ಮಾಡುತ್ತಿರುವ ಬಗ್ಗೆ ಬಂದ ಖಚಿತ ಮಾಹಿತಿ ಮೇರೆಗೆ ಎರಡು ಪ್ರತ್ಯೇಕ ಪ್ರಕರಣಗಳಲ್ಲಿ ಕ್ಯಾಸಂಬಳ್ಳಿ, ರಾಬರ್ಟ್‌ಸನ್‌ಪೇಟೆ ಪೊಲೀಸರು ಬೀರಸಂದ್ರದ ಪ್ರಕಾಶ್, ರಾಮರೆಡ್ಡಿ, ಗುಟ್ಟೂರು ಕಾಂಡದ ಎಂ. ಚಂದು, ಇಟಗದ ಎಂ.ಸುನೀಲ್‌ಕುಮಾರ್‌ರನ್ನು ಬಂಧಿಸಿ ಲಕ್ಷ ಮೌಲ್ಯದ ಗಾಂಜಾ ವಶಪಡಿಸಿಕೊಂಡಿದ್ದಾರೆ.
